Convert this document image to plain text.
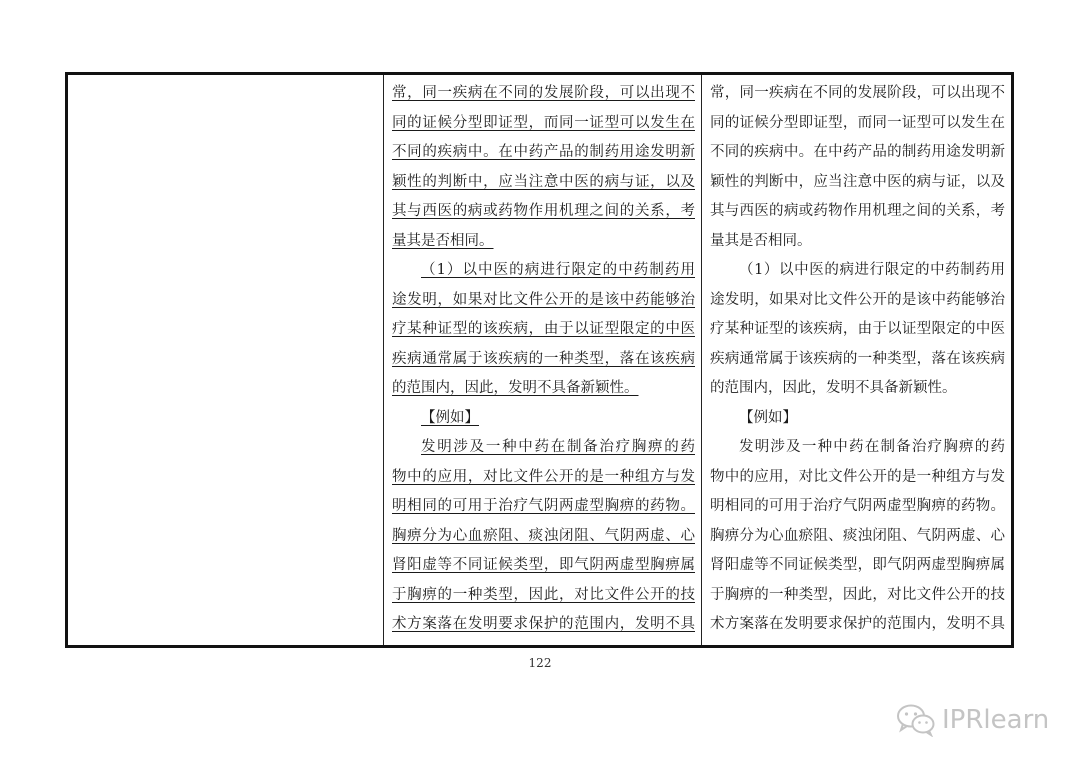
常，同一疾病在不同的发展阶段，可以出现不
同的证候分型即证型，而同一证型可以发生在
不同的疾病中。在中药产品的制药用途发明新
颖性的判断中，应当注意中医的病与证，以及
其与西医的病或药物作用机理之间的关系，考
量其是否相同。
（1）以中医的病进行限定的中药制药用
途发明，如果对比文件公开的是该中药能够治
疗某种证型的该疾病，由于以证型限定的中医
疾病通常属于该疾病的一种类型，落在该疾病
的范围内，因此，发明不具备新颖性。
【例如】
发明涉及一种中药在制备治疗胸痹的药
物中的应用，对比文件公开的是一种组方与发
明相同的可用于治疗气阴两虚型胸痹的药物。
胸痹分为心血瘀阻、痰浊闭阻、气阴两虚、心
肾阳虚等不同证候类型，即气阴两虚型胸痹属
于胸痹的一种类型，因此，对比文件公开的技
术方案落在发明要求保护的范围内，发明不具
常，同一疾病在不同的发展阶段，可以出现不
同的证候分型即证型，而同一证型可以发生在
不同的疾病中。在中药产品的制药用途发明新
颖性的判断中，应当注意中医的病与证，以及
其与西医的病或药物作用机理之间的关系，考
量其是否相同。
（1）以中医的病进行限定的中药制药用
途发明，如果对比文件公开的是该中药能够治
疗某种证型的该疾病，由于以证型限定的中医
疾病通常属于该疾病的一种类型，落在该疾病
的范围内，因此，发明不具备新颖性。
【例如】
发明涉及一种中药在制备治疗胸痹的药
物中的应用，对比文件公开的是一种组方与发
明相同的可用于治疗气阴两虚型胸痹的药物。
胸痹分为心血瘀阻、痰浊闭阻、气阴两虚、心
肾阳虚等不同证候类型，即气阴两虚型胸痹属
于胸痹的一种类型，因此，对比文件公开的技
术方案落在发明要求保护的范围内，发明不具
122
IPRlearn
